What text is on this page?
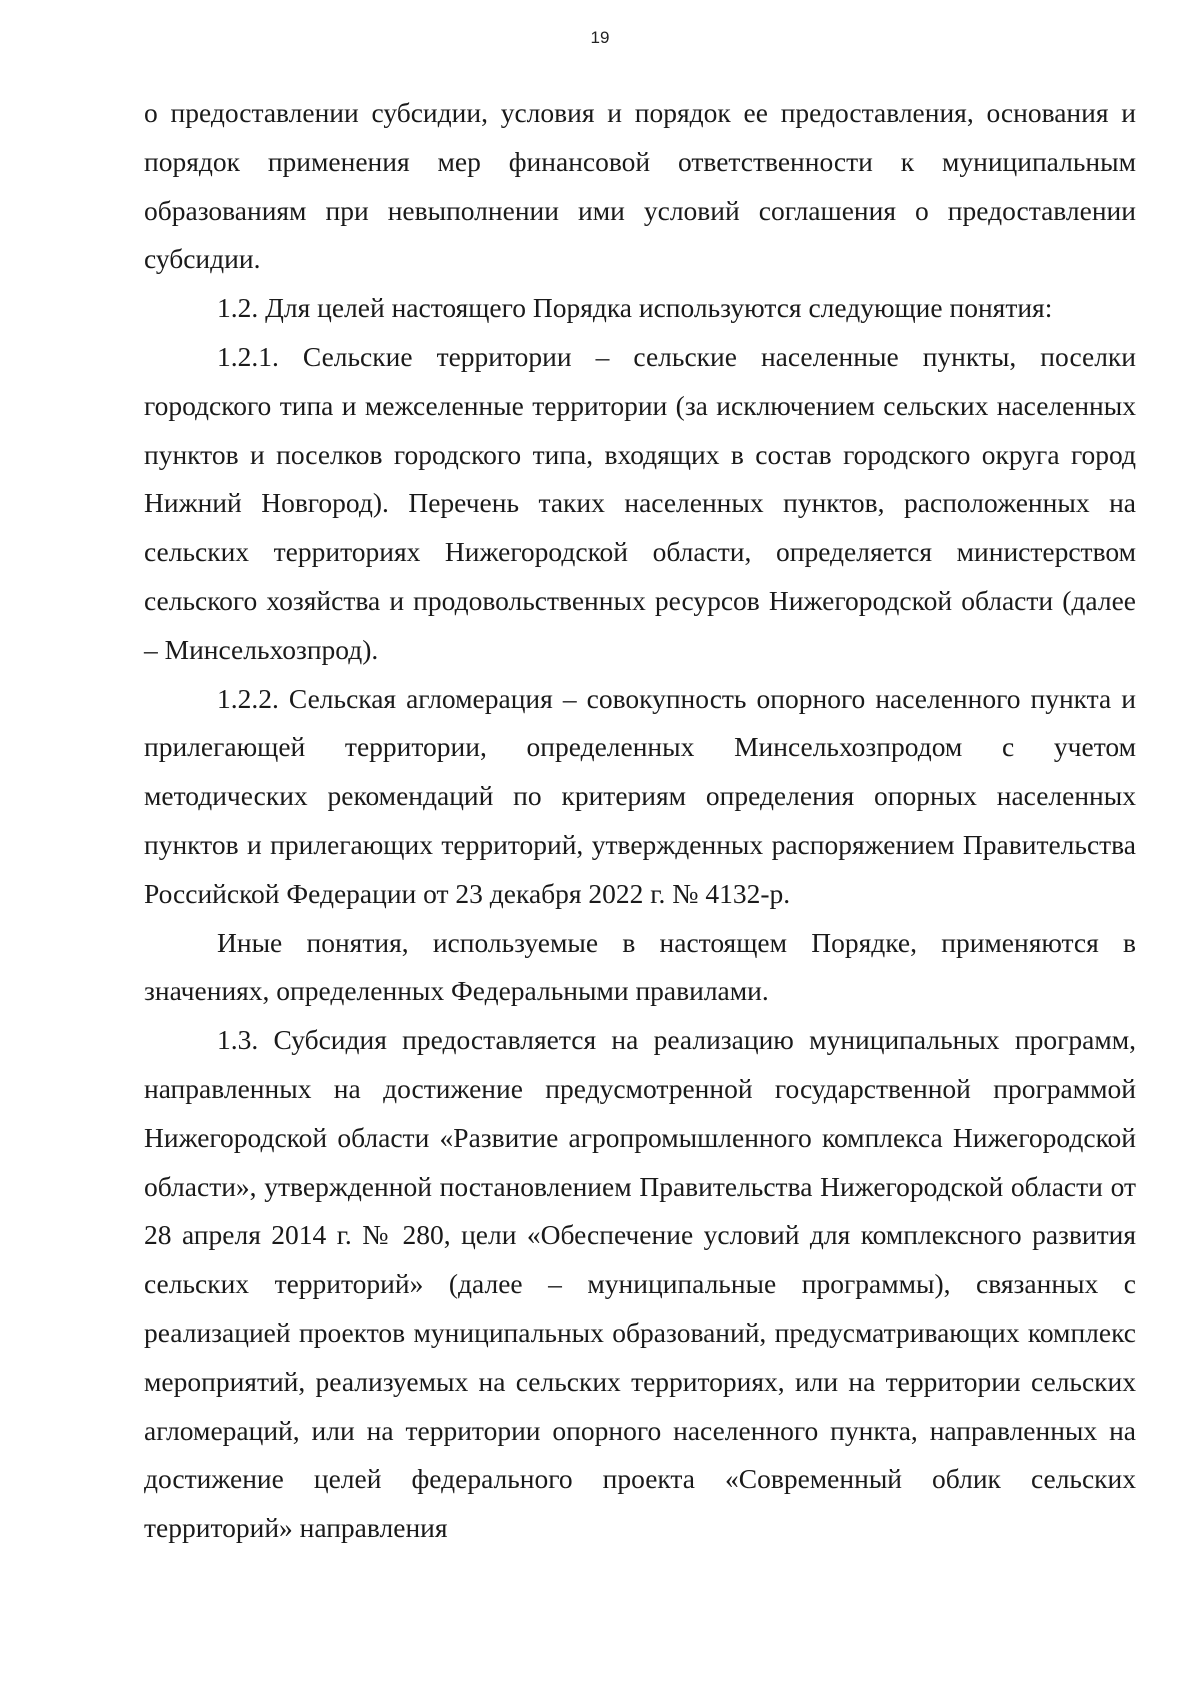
19

о предоставлении субсидии, условия и порядок ее предоставления, основания и порядок применения мер финансовой ответственности к муниципальным образованиям при невыполнении ими условий соглашения о предоставлении субсидии.

1.2. Для целей настоящего Порядка используются следующие понятия:

1.2.1. Сельские территории – сельские населенные пункты, поселки городского типа и межселенные территории (за исключением сельских населенных пунктов и поселков городского типа, входящих в состав городского округа город Нижний Новгород). Перечень таких населенных пунктов, расположенных на сельских территориях Нижегородской области, определяется министерством сельского хозяйства и продовольственных ресурсов Нижегородской области (далее – Минсельхозпрод).

1.2.2. Сельская агломерация – совокупность опорного населенного пункта и прилегающей территории, определенных Минсельхозпродом с учетом методических рекомендаций по критериям определения опорных населенных пунктов и прилегающих территорий, утвержденных распоряжением Правительства Российской Федерации от 23 декабря 2022 г. № 4132-р.

Иные понятия, используемые в настоящем Порядке, применяются в значениях, определенных Федеральными правилами.

1.3. Субсидия предоставляется на реализацию муниципальных программ, направленных на достижение предусмотренной государственной программой Нижегородской области «Развитие агропромышленного комплекса Нижегородской области», утвержденной постановлением Правительства Нижегородской области от 28 апреля 2014 г. № 280, цели «Обеспечение условий для комплексного развития сельских территорий» (далее – муниципальные программы), связанных с реализацией проектов муниципальных образований, предусматривающих комплекс мероприятий, реализуемых на сельских территориях, или на территории сельских агломераций, или на территории опорного населенного пункта, направленных на достижение целей федерального проекта «Современный облик сельских территорий» направления
